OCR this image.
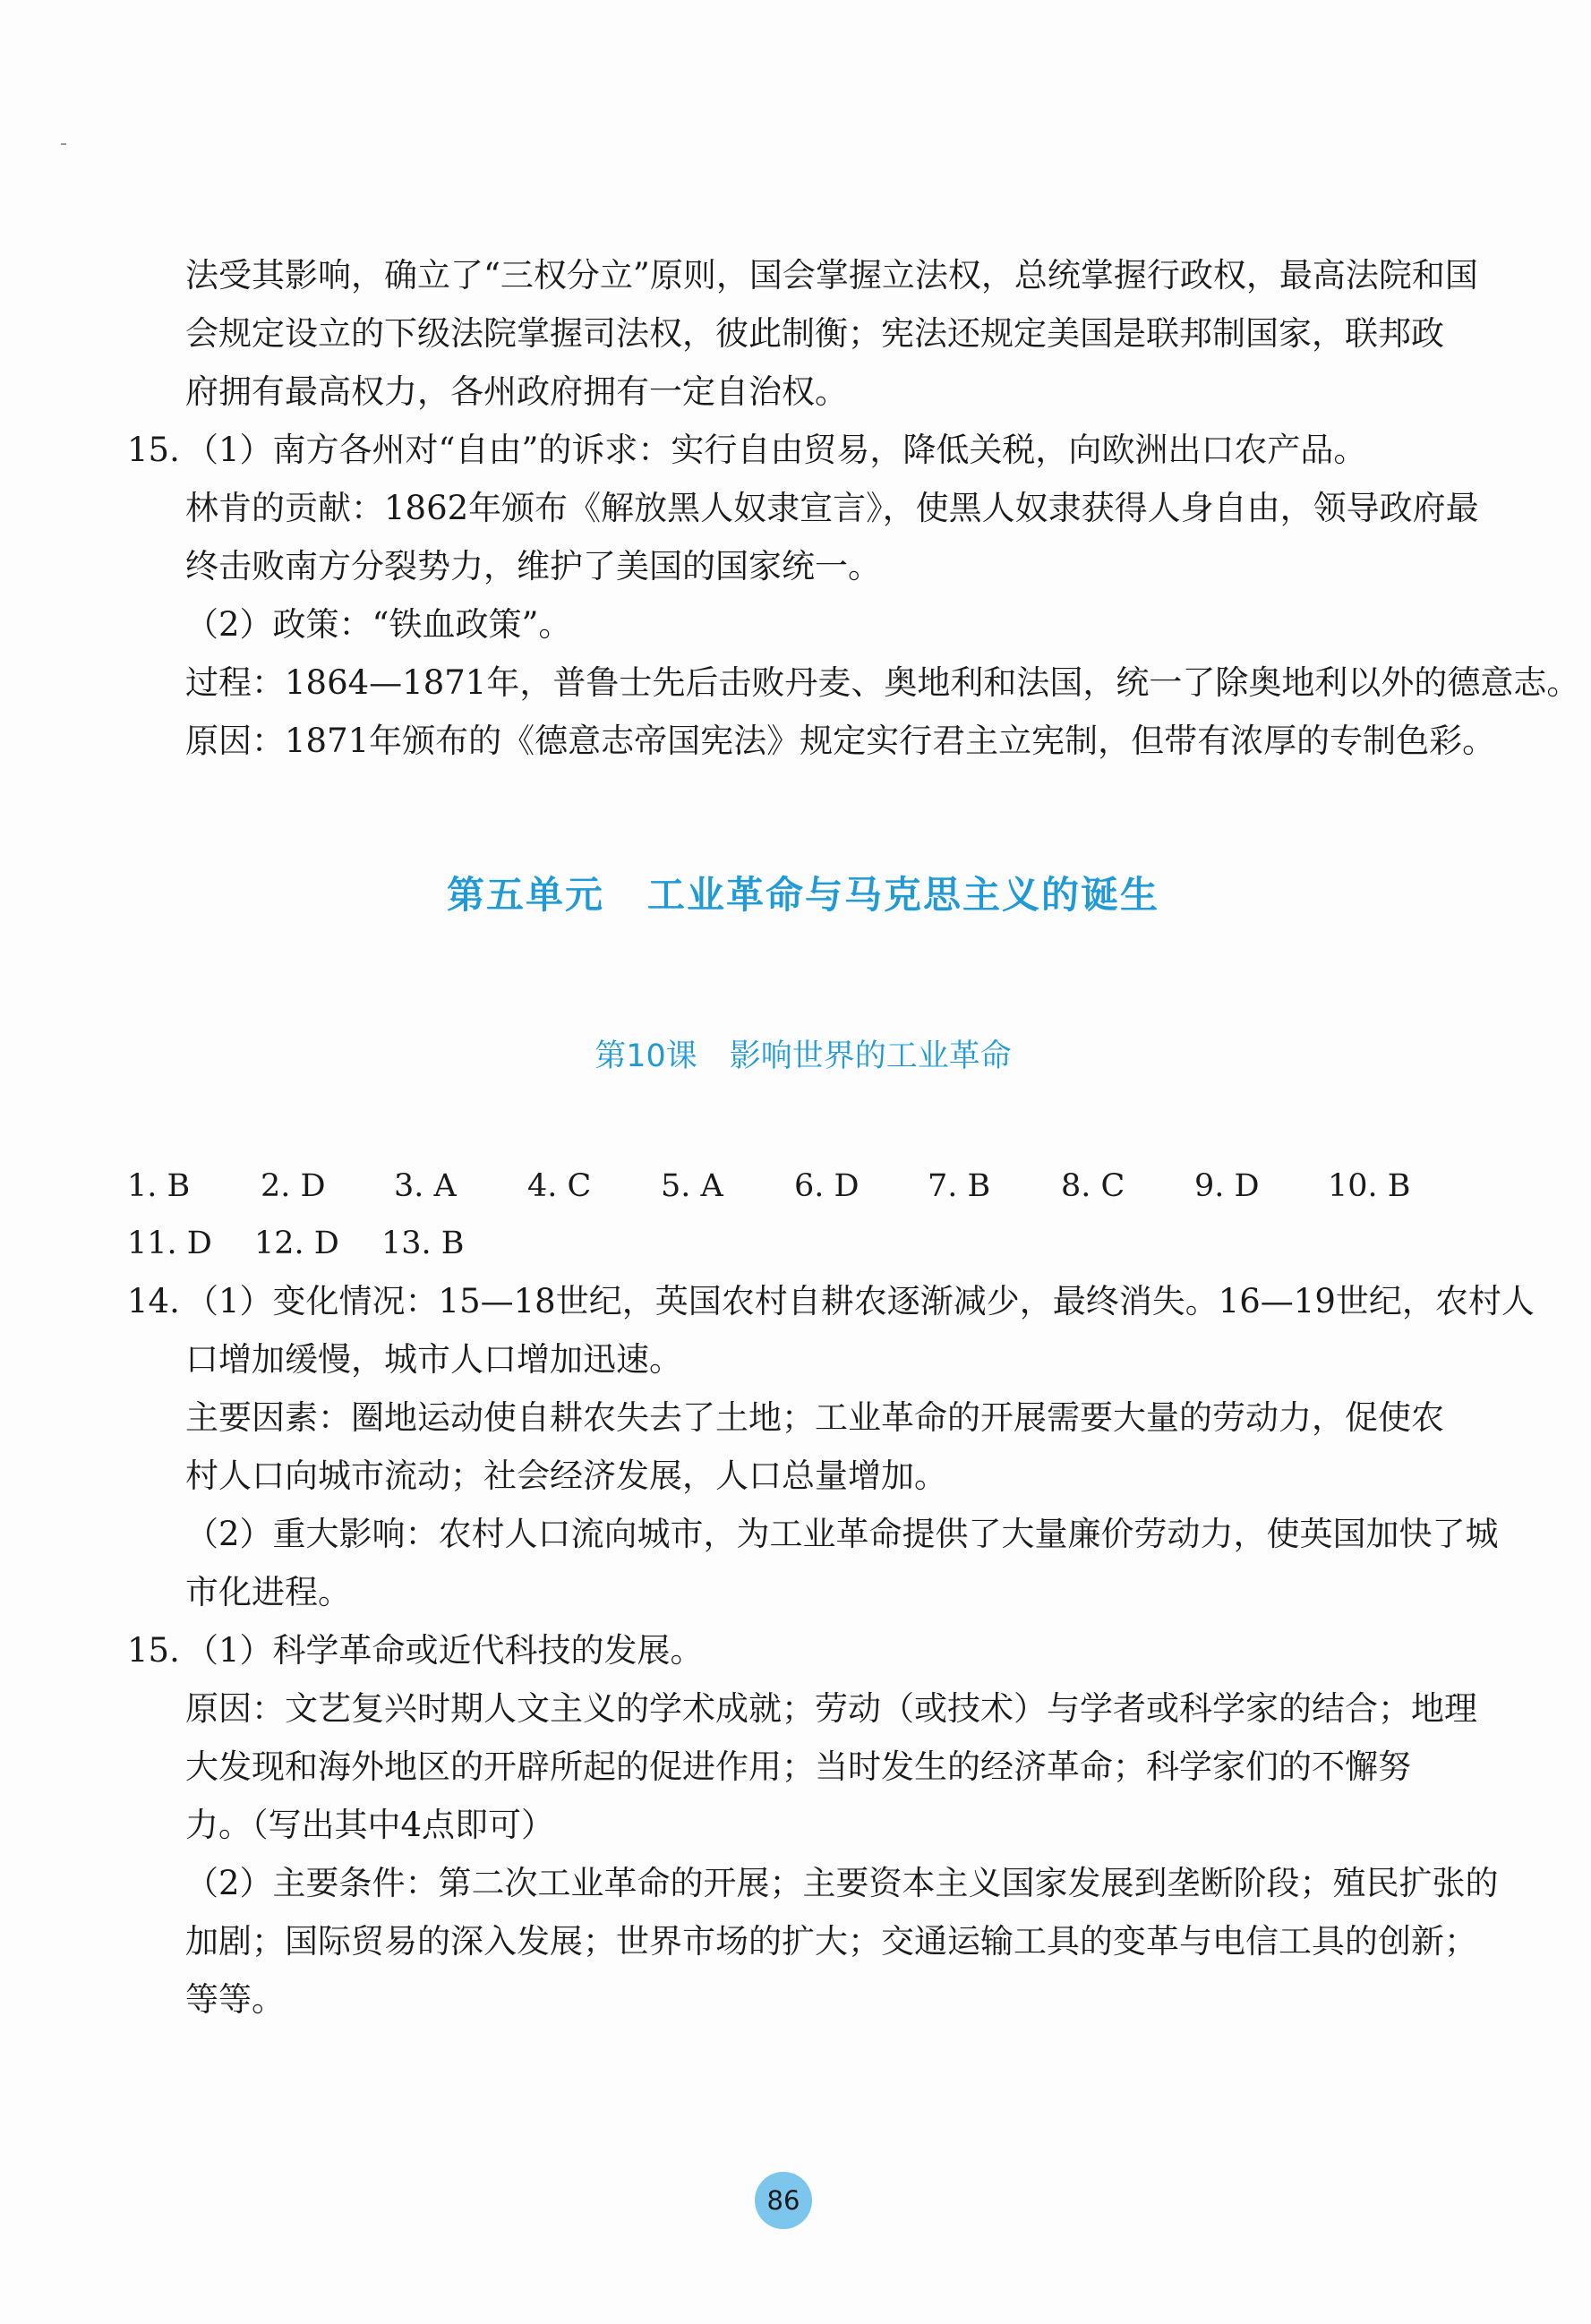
法受其影响，确立了“三权分立”原则，国会掌握立法权，总统掌握行政权，最高法院和国
会规定设立的下级法院掌握司法权，彼此制衡；宪法还规定美国是联邦制国家，联邦政
府拥有最高权力，各州政府拥有一定自治权。
15. （1）南方各州对“自由”的诉求：实行自由贸易，降低关税，向欧洲出口农产品。
林肯的贡献：1862年颁布《解放黑人奴隶宣言》，使黑人奴隶获得人身自由，领导政府最
终击败南方分裂势力，维护了美国的国家统一。
（2）政策：“铁血政策”。
过程：1864—1871年，普鲁士先后击败丹麦、奥地利和法国，统一了除奥地利以外的德意志。
原因：1871年颁布的《德意志帝国宪法》规定实行君主立宪制，但带有浓厚的专制色彩。
第五单元 工业革命与马克思主义的诞生
第10课 影响世界的工业革命
1. B 2. D 3. A 4. C 5. A 6. D 7. B 8. C 9. D 10. B
11. D 12. D 13. B
14. （1）变化情况：15—18世纪，英国农村自耕农逐渐减少，最终消失。16—19世纪，农村人
口增加缓慢，城市人口增加迅速。
主要因素：圈地运动使自耕农失去了土地；工业革命的开展需要大量的劳动力，促使农
村人口向城市流动；社会经济发展，人口总量增加。
（2）重大影响：农村人口流向城市，为工业革命提供了大量廉价劳动力，使英国加快了城
市化进程。
15. （1）科学革命或近代科技的发展。
原因：文艺复兴时期人文主义的学术成就；劳动（或技术）与学者或科学家的结合；地理
大发现和海外地区的开辟所起的促进作用；当时发生的经济革命；科学家们的不懈努
力。（写出其中4点即可）
（2）主要条件：第二次工业革命的开展；主要资本主义国家发展到垄断阶段；殖民扩张的
加剧；国际贸易的深入发展；世界市场的扩大；交通运输工具的变革与电信工具的创新；
等等。
86
